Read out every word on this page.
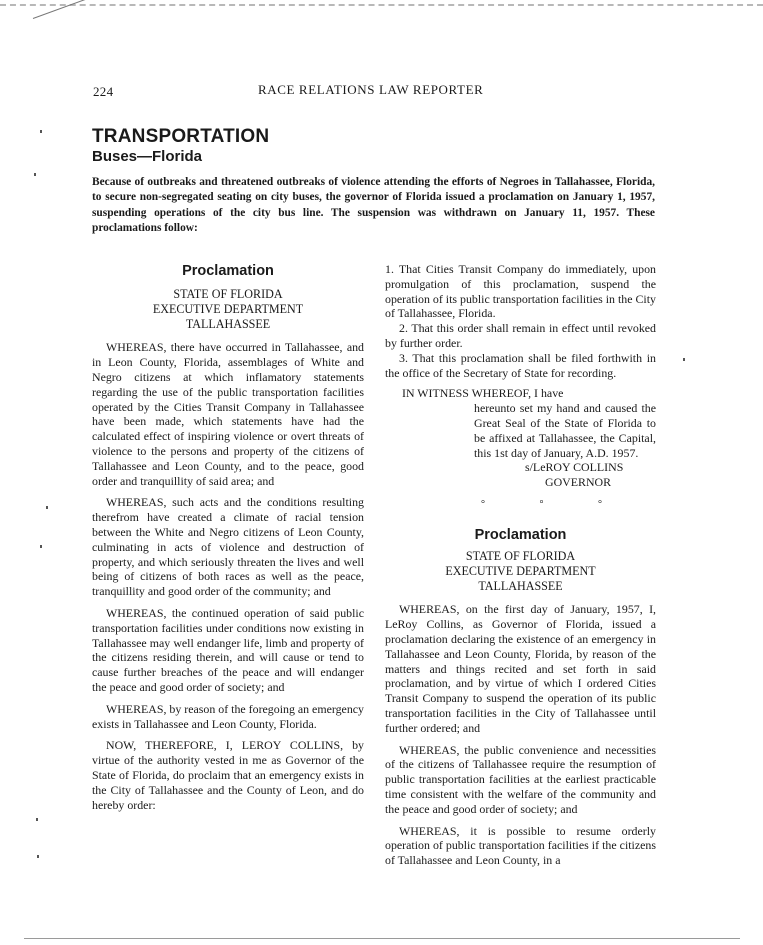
224	RACE RELATIONS LAW REPORTER
TRANSPORTATION
Buses—Florida

Because of outbreaks and threatened outbreaks of violence attending the efforts of Negroes in Tallahassee, Florida, to secure non-segregated seating on city buses, the governor of Florida issued a proclamation on January 1, 1957, suspending operations of the city bus line. The suspension was withdrawn on January 11, 1957. These proclamations follow:

Proclamation

STATE OF FLORIDA

EXECUTIVE DEPARTMENT

TALLAHASSEE

WHEREAS, there have occurred in Tallahassee, and in Leon County, Florida, assemblages of White and Negro citizens at which inflamatory statements regarding the use of the public transportation facilities operated by the Cities Transit Company in Tallahassee have been made, which statements have had the calculated effect of inspiring violence or overt threats of violence to the persons and property of the citizens of Tallahassee and Leon County, and to the peace, good order and tranquillity of said area; and

WHEREAS, such acts and the conditions resulting therefrom have created a climate of racial tension between the White and Negro citizens of Leon County, culminating in acts of violence and destruction of property, and which seriously threaten the lives and well being of citizens of both races as well as the peace, tranquillity and good order of the community; and

WHEREAS, the continued operation of said public transportation facilities under conditions now existing in Tallahassee may well endanger life, limb and property of the citizens residing therein, and will cause or tend to cause further breaches of the peace and will endanger the peace and good order of society; and

WHEREAS, by reason of the foregoing an emergency exists in Tallahassee and Leon County, Florida.

NOW, THEREFORE, I, LEROY COLLINS, by virtue of the authority vested in me as Governor of the State of Florida, do proclaim that an emergency exists in the City of Tallahassee and the County of Leon, and do hereby order:

1. That Cities Transit Company do immediately, upon promulgation of this proclamation, suspend the operation of its public transportation facilities in the City of Tallahassee, Florida.

2. That this order shall remain in effect until revoked by further order.

3. That this proclamation shall be filed forthwith in the office of the Secretary of State for recording.

IN WITNESS WHEREOF, I have

hereunto set my hand and caused the Great Seal of the State of Florida to be affixed at Tallahassee, the Capital, this 1st day of January, A.D. 1957.

s/LeROY COLLINS

GOVERNOR

° ° °

Proclamation

STATE OF FLORIDA

EXECUTIVE DEPARTMENT

TALLAHASSEE

WHEREAS, on the first day of January, 1957, I, LeRoy Collins, as Governor of Florida, issued a proclamation declaring the existence of an emergency in Tallahassee and Leon County, Florida, by reason of the matters and things recited and set forth in said proclamation, and by virtue of which I ordered Cities Transit Company to suspend the operation of its public transportation facilities in the City of Tallahassee until further ordered; and

WHEREAS, the public convenience and necessities of the citizens of Tallahassee require the resumption of public transportation facilities at the earliest practicable time consistent with the welfare of the community and the peace and good order of society; and

WHEREAS, it is possible to resume orderly operation of public transportation facilities if the citizens of Tallahassee and Leon County, in a
